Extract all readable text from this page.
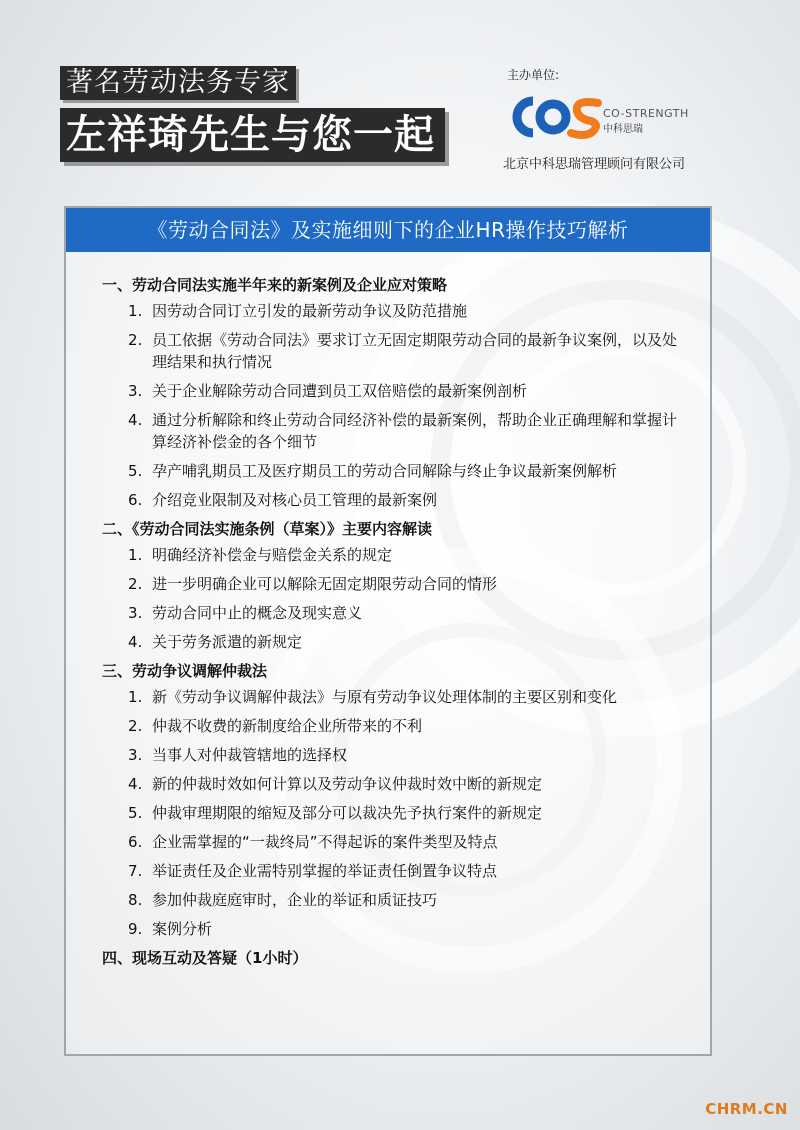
著名劳动法务专家
左祥琦先生与您一起
主办单位:
CO-STRENGTH
中科思瑞
北京中科思瑞管理顾问有限公司
《劳动合同法》及实施细则下的企业HR操作技巧解析
一、劳动合同法实施半年来的新案例及企业应对策略
1. 因劳动合同订立引发的最新劳动争议及防范措施
2. 员工依据《劳动合同法》要求订立无固定期限劳动合同的最新争议案例，以及处理结果和执行情况
3. 关于企业解除劳动合同遭到员工双倍赔偿的最新案例剖析
4. 通过分析解除和终止劳动合同经济补偿的最新案例，帮助企业正确理解和掌握计算经济补偿金的各个细节
5. 孕产哺乳期员工及医疗期员工的劳动合同解除与终止争议最新案例解析
6. 介绍竞业限制及对核心员工管理的最新案例
二、《劳动合同法实施条例（草案）》主要内容解读
1. 明确经济补偿金与赔偿金关系的规定
2. 进一步明确企业可以解除无固定期限劳动合同的情形
3. 劳动合同中止的概念及现实意义
4. 关于劳务派遣的新规定
三、劳动争议调解仲裁法
1. 新《劳动争议调解仲裁法》与原有劳动争议处理体制的主要区别和变化
2. 仲裁不收费的新制度给企业所带来的不利
3. 当事人对仲裁管辖地的选择权
4. 新的仲裁时效如何计算以及劳动争议仲裁时效中断的新规定
5. 仲裁审理期限的缩短及部分可以裁决先予执行案件的新规定
6. 企业需掌握的“一裁终局”不得起诉的案件类型及特点
7. 举证责任及企业需特别掌握的举证责任倒置争议特点
8. 参加仲裁庭庭审时，企业的举证和质证技巧
9. 案例分析
四、现场互动及答疑（1小时）
CHRM.CN
